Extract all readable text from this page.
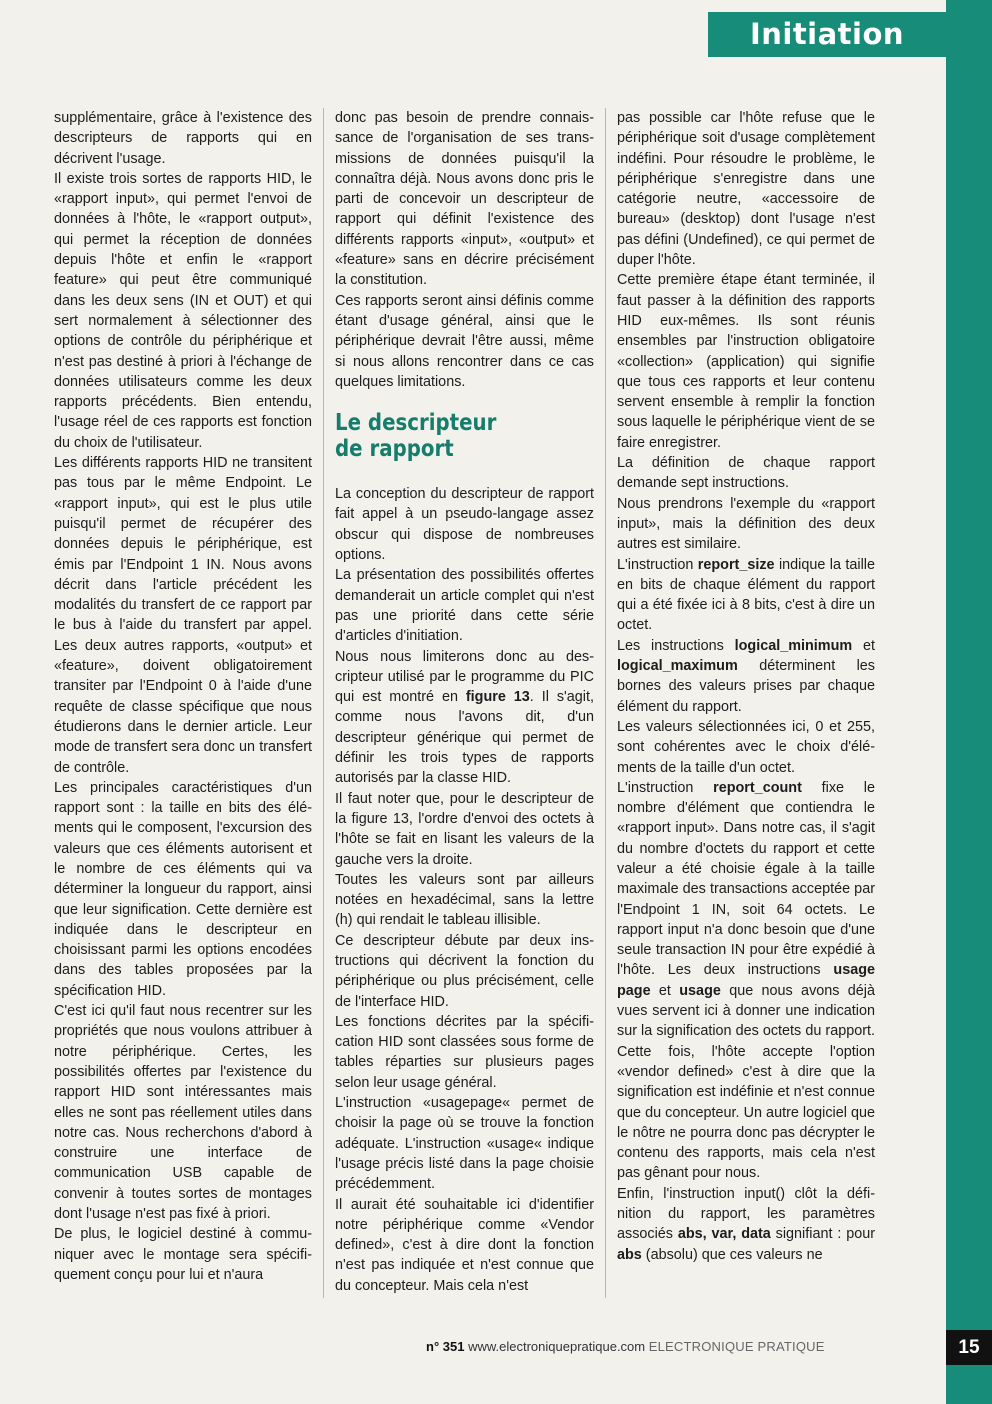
Initiation

supplémentaire, grâce à l'existence des descripteurs de rapports qui en décrivent l'usage.

Il existe trois sortes de rapports HID, le «rapport input», qui permet l'envoi de données à l'hôte, le «rapport output», qui permet la réception de données depuis l'hôte et enfin le «rapport feature» qui peut être communiqué dans les deux sens (IN et OUT) et qui sert normalement à sélectionner des options de contrôle du périphérique et n'est pas destiné à priori à l'échange de données utilisateurs comme les deux rapports précédents. Bien entendu, l'usage réel de ces rapports est fonction du choix de l'utilisateur.

Les différents rapports HID ne transitent pas tous par le même Endpoint. Le «rapport input», qui est le plus utile puisqu'il permet de récupérer des données depuis le périphérique, est émis par l'Endpoint 1 IN. Nous avons décrit dans l'article précédent les modalités du transfert de ce rapport par le bus à l'aide du transfert par appel. Les deux autres rapports, «output» et «feature», doivent obligatoirement transiter par l'Endpoint 0 à l'aide d'une requête de classe spécifique que nous étudierons dans le dernier article. Leur mode de transfert sera donc un transfert de contrôle.

Les principales caractéristiques d'un rapport sont : la taille en bits des éléments qui le composent, l'excursion des valeurs que ces éléments autorisent et le nombre de ces éléments qui va déterminer la longueur du rapport, ainsi que leur signification. Cette dernière est indiquée dans le descripteur en choisissant parmi les options encodées dans des tables proposées par la spécification HID.

C'est ici qu'il faut nous recentrer sur les propriétés que nous voulons attribuer à notre périphérique. Certes, les possibilités offertes par l'existence du rapport HID sont intéressantes mais elles ne sont pas réellement utiles dans notre cas. Nous recherchons d'abord à construire une interface de communication USB capable de convenir à toutes sortes de montages dont l'usage n'est pas fixé à priori.

De plus, le logiciel destiné à communiquer avec le montage sera spécifiquement conçu pour lui et n'aura

donc pas besoin de prendre connaissance de l'organisation de ses transmissions de données puisqu'il la connaîtra déjà. Nous avons donc pris le parti de concevoir un descripteur de rapport qui définit l'existence des différents rapports «input», «output» et «feature» sans en décrire précisément la constitution.

Ces rapports seront ainsi définis comme étant d'usage général, ainsi que le périphérique devrait l'être aussi, même si nous allons rencontrer dans ce cas quelques limitations.

Le descripteur
de rapport

La conception du descripteur de rapport fait appel à un pseudo-langage assez obscur qui dispose de nombreuses options.

La présentation des possibilités offertes demanderait un article complet qui n'est pas une priorité dans cette série d'articles d'initiation.

Nous nous limiterons donc au descripteur utilisé par le programme du PIC qui est montré en figure 13. Il s'agit, comme nous l'avons dit, d'un descripteur générique qui permet de définir les trois types de rapports autorisés par la classe HID.

Il faut noter que, pour le descripteur de la figure 13, l'ordre d'envoi des octets à l'hôte se fait en lisant les valeurs de la gauche vers la droite.

Toutes les valeurs sont par ailleurs notées en hexadécimal, sans la lettre (h) qui rendait le tableau illisible.

Ce descripteur débute par deux instructions qui décrivent la fonction du périphérique ou plus précisément, celle de l'interface HID.

Les fonctions décrites par la spécification HID sont classées sous forme de tables réparties sur plusieurs pages selon leur usage général.

L'instruction «usagepage« permet de choisir la page où se trouve la fonction adéquate. L'instruction «usage« indique l'usage précis listé dans la page choisie précédemment.

Il aurait été souhaitable ici d'identifier notre périphérique comme «Vendor defined», c'est à dire dont la fonction n'est pas indiquée et n'est connue que du concepteur. Mais cela n'est

pas possible car l'hôte refuse que le périphérique soit d'usage complètement indéfini. Pour résoudre le problème, le périphérique s'enregistre dans une catégorie neutre, «accessoire de bureau» (desktop) dont l'usage n'est pas défini (Undefined), ce qui permet de duper l'hôte.

Cette première étape étant terminée, il faut passer à la définition des rapports HID eux-mêmes. Ils sont réunis ensembles par l'instruction obligatoire «collection» (application) qui signifie que tous ces rapports et leur contenu servent ensemble à remplir la fonction sous laquelle le périphérique vient de se faire enregistrer.

La définition de chaque rapport demande sept instructions.

Nous prendrons l'exemple du «rapport input», mais la définition des deux autres est similaire.

L'instruction report_size indique la taille en bits de chaque élément du rapport qui a été fixée ici à 8 bits, c'est à dire un octet.

Les instructions logical_minimum et logical_maximum déterminent les bornes des valeurs prises par chaque élément du rapport.

Les valeurs sélectionnées ici, 0 et 255, sont cohérentes avec le choix d'éléments de la taille d'un octet.

L'instruction report_count fixe le nombre d'élément que contiendra le «rapport input». Dans notre cas, il s'agit du nombre d'octets du rapport et cette valeur a été choisie égale à la taille maximale des transactions acceptée par l'Endpoint 1 IN, soit 64 octets. Le rapport input n'a donc besoin que d'une seule transaction IN pour être expédié à l'hôte. Les deux instructions usage page et usage que nous avons déjà vues servent ici à donner une indication sur la signification des octets du rapport. Cette fois, l'hôte accepte l'option «vendor defined» c'est à dire que la signification est indéfinie et n'est connue que du concepteur. Un autre logiciel que le nôtre ne pourra donc pas décrypter le contenu des rapports, mais cela n'est pas gênant pour nous.

Enfin, l'instruction input() clôt la définition du rapport, les paramètres associés abs, var, data signifiant : pour abs (absolu) que ces valeurs ne

n° 351 www.electroniquepratique.com ELECTRONIQUE PRATIQUE	15
